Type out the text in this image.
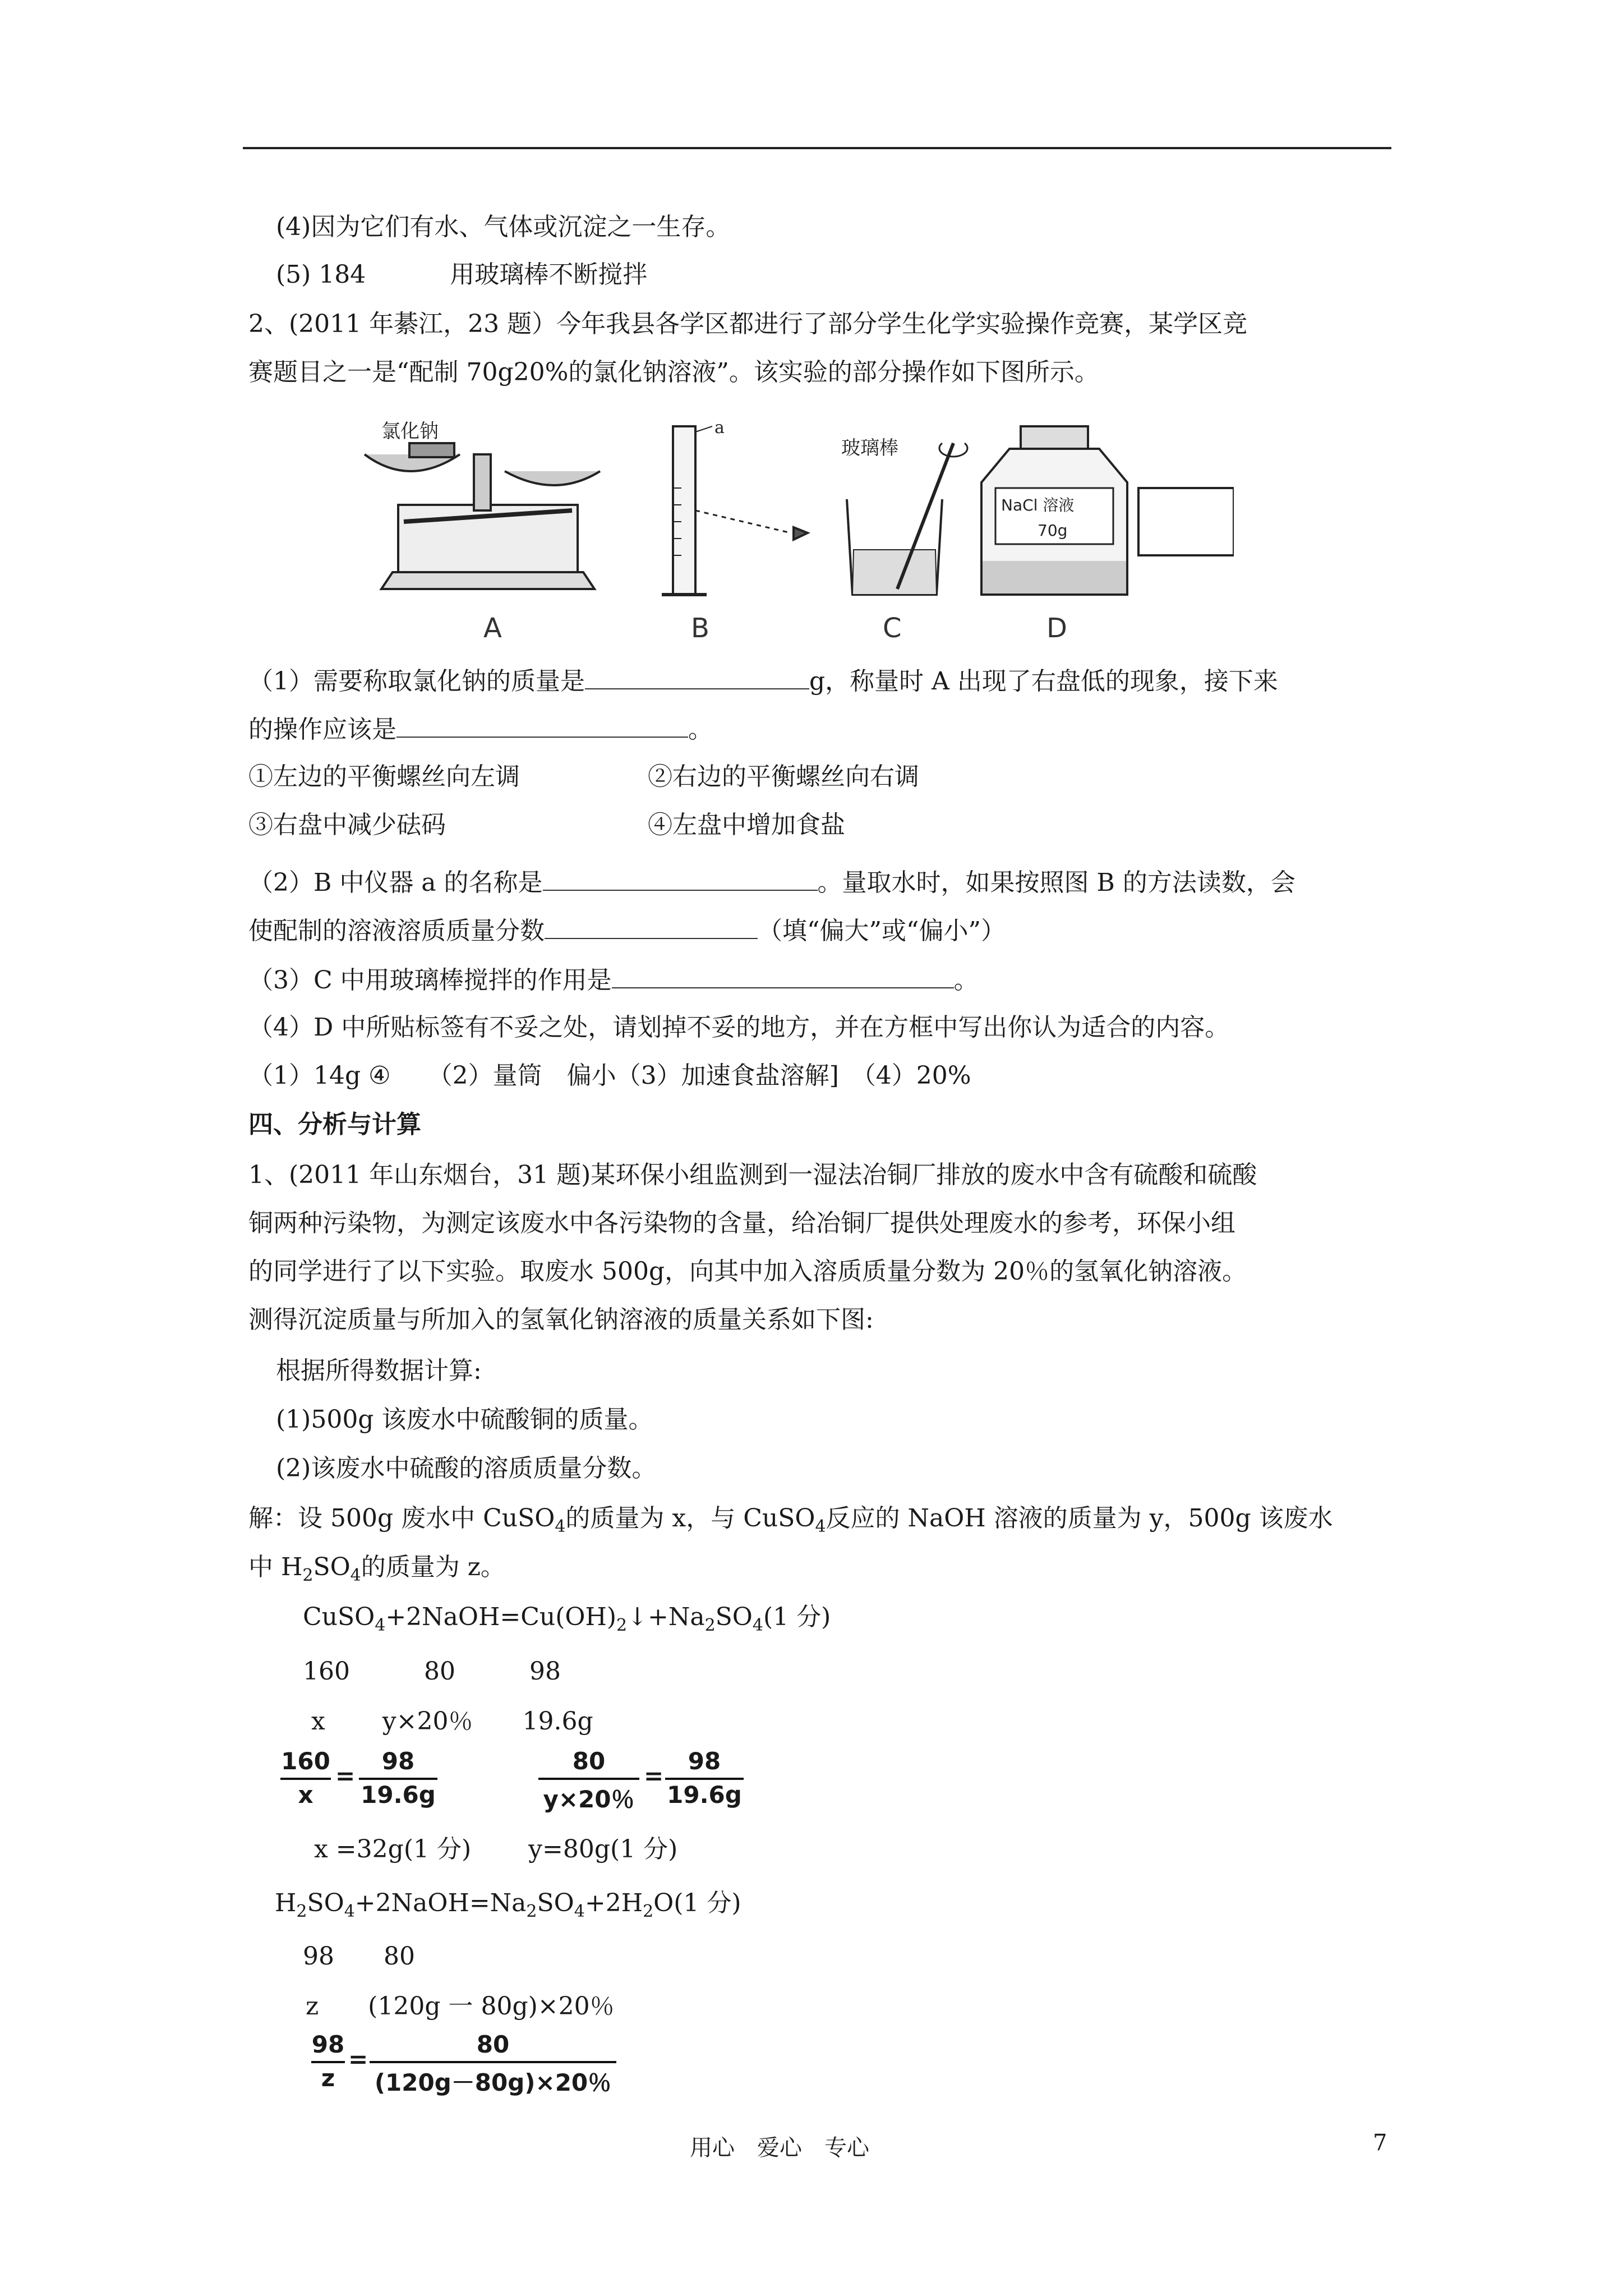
(4)因为它们有水、气体或沉淀之一生存。
(5) 184	用玻璃棒不断搅拌
2、(2011 年綦江，23 题）今年我县各学区都进行了部分学生化学实验操作竞赛，某学区竞
赛题目之一是“配制 70g20%的氯化钠溶液”。该实验的部分操作如下图所示。
氯化钠	a
玻璃棒
NaCl 溶液
70g
A	B	C	D
（1）需要称取氯化钠的质量是	g，称量时 A 出现了右盘低的现象，接下来
的操作应该是	。
①左边的平衡螺丝向左调	②右边的平衡螺丝向右调
③右盘中减少砝码	④左盘中增加食盐
（2）B 中仪器 a 的名称是	。量取水时，如果按照图 B 的方法读数，会
使配制的溶液溶质质量分数	（填“偏大”或“偏小”）
（3）C 中用玻璃棒搅拌的作用是	。
（4）D 中所贴标签有不妥之处，请划掉不妥的地方，并在方框中写出你认为适合的内容。
（1）14g ④　　（2）量筒　偏小（3）加速食盐溶解]　（4）20%
四、分析与计算
1、(2011 年山东烟台，31 题)某环保小组监测到一湿法冶铜厂排放的废水中含有硫酸和硫酸
铜两种污染物，为测定该废水中各污染物的含量，给冶铜厂提供处理废水的参考，环保小组
的同学进行了以下实验。取废水 500g，向其中加入溶质质量分数为 20％的氢氧化钠溶液。
测得沉淀质量与所加入的氢氧化钠溶液的质量关系如下图:
根据所得数据计算:
(1)500g 该废水中硫酸铜的质量。
(2)该废水中硫酸的溶质质量分数。
解：设 500g 废水中 CuSO$_4$的质量为 x，与 CuSO$_4$反应的 NaOH 溶液的质量为 y，500g 该废水
中 $H_2SO_4$的质量为 z。
$CuSO_4+2NaOH=Cu(OH)_2↓+Na_2SO_4(1$ 分)
160　　　80　　　98
x　　 y×20％　　19.6g
160
x
=
98
19.6g
80
y×20％
=
98
19.6g
x =32g(1 分)　　 y=80g(1 分)
$H_2SO_4+2NaOH=Na_2SO_4+2H_2O(1$ 分)
98　　80
z　　(120g 一 80g)×20％
98
z
=
80
(120g－80g)×20％
用心　爱心　专心	7
